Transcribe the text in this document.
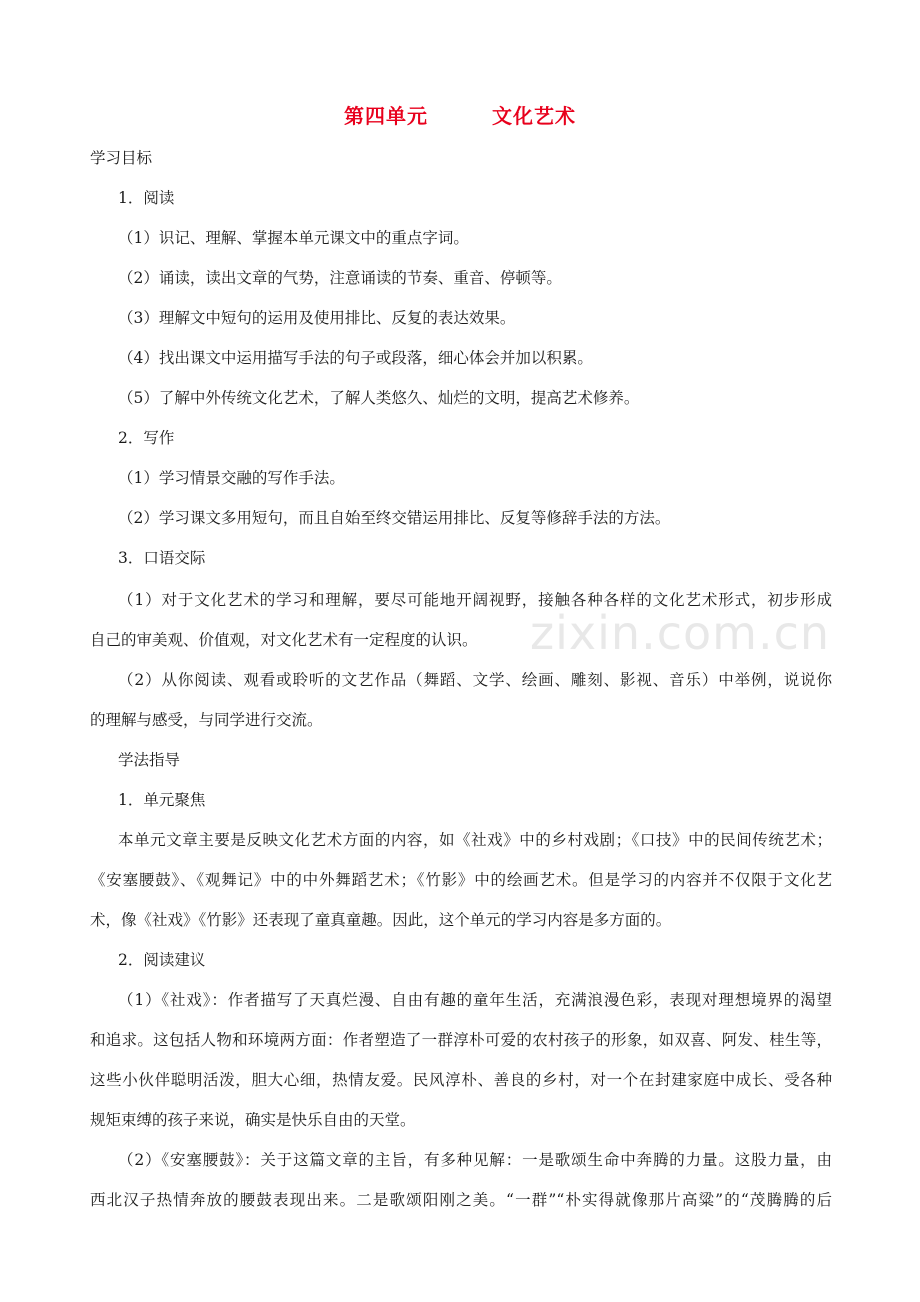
第四单元	文化艺术
zixin.com.cn
学习目标
1．阅读
（1）识记、理解、掌握本单元课文中的重点字词。
（2）诵读，读出文章的气势，注意诵读的节奏、重音、停顿等。
（3）理解文中短句的运用及使用排比、反复的表达效果。
（4）找出课文中运用描写手法的句子或段落，细心体会并加以积累。
（5）了解中外传统文化艺术，了解人类悠久、灿烂的文明，提高艺术修养。
2．写作
（1）学习情景交融的写作手法。
（2）学习课文多用短句，而且自始至终交错运用排比、反复等修辞手法的方法。
3．口语交际
（1）对于文化艺术的学习和理解，要尽可能地开阔视野，接触各种各样的文化艺术形式，初步形成
自己的审美观、价值观，对文化艺术有一定程度的认识。
（2）从你阅读、观看或聆听的文艺作品（舞蹈、文学、绘画、雕刻、影视、音乐）中举例，说说你
的理解与感受，与同学进行交流。
学法指导
1．单元聚焦
本单元文章主要是反映文化艺术方面的内容，如《社戏》中的乡村戏剧；《口技》中的民间传统艺术；
《安塞腰鼓》、《观舞记》中的中外舞蹈艺术；《竹影》中的绘画艺术。但是学习的内容并不仅限于文化艺
术，像《社戏》《竹影》还表现了童真童趣。因此，这个单元的学习内容是多方面的。
2．阅读建议
（1）《社戏》：作者描写了天真烂漫、自由有趣的童年生活，充满浪漫色彩，表现对理想境界的渴望
和追求。这包括人物和环境两方面：作者塑造了一群淳朴可爱的农村孩子的形象，如双喜、阿发、桂生等，
这些小伙伴聪明活泼，胆大心细，热情友爱。民风淳朴、善良的乡村，对一个在封建家庭中成长、受各种
规矩束缚的孩子来说，确实是快乐自由的天堂。
（2）《安塞腰鼓》：关于这篇文章的主旨，有多种见解：一是歌颂生命中奔腾的力量。这股力量，由
西北汉子热情奔放的腰鼓表现出来。二是歌颂阳刚之美。“一群”“朴实得就像那片高粱”的“茂腾腾的后
